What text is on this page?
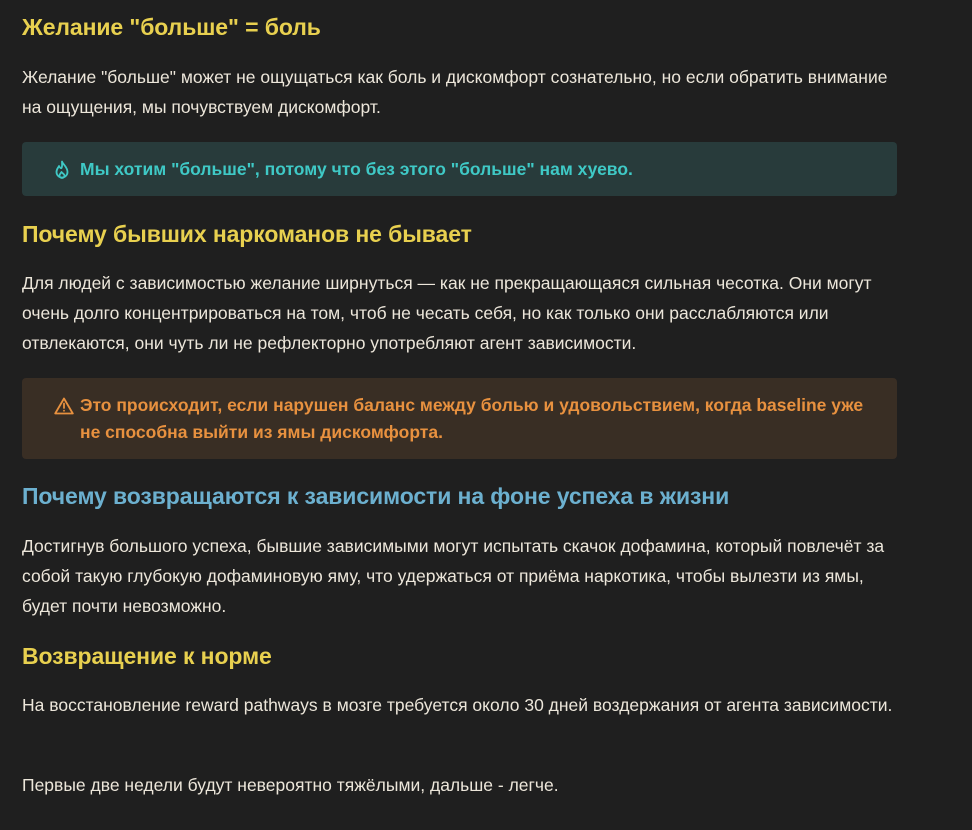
Желание "больше" = боль

Желание "больше" может не ощущаться как боль и дискомфорт сознательно, но если обратить внимание на ощущения, мы почувствуем дискомфорт.

Мы хотим "больше", потому что без этого "больше" нам хуево.
Почему бывших наркоманов не бывает

Для людей с зависимостью желание ширнуться — как не прекращающаяся сильная чесотка. Они могут очень долго концентрироваться на том, чтоб не чесать себя, но как только они расслабляются или отвлекаются, они чуть ли не рефлекторно употребляют агент зависимости.

Это происходит, если нарушен баланс между болью и удовольствием, когда baseline уже не способна выйти из ямы дискомфорта.
Почему возвращаются к зависимости на фоне успеха в жизни

Достигнув большого успеха, бывшие зависимыми могут испытать скачок дофамина, который повлечёт за собой такую глубокую дофаминовую яму, что удержаться от приёма наркотика, чтобы вылезти из ямы, будет почти невозможно.

Возвращение к норме

На восстановление reward pathways в мозге требуется около 30 дней воздержания от агента зависимости.

Первые две недели будут невероятно тяжёлыми, дальше - легче.
